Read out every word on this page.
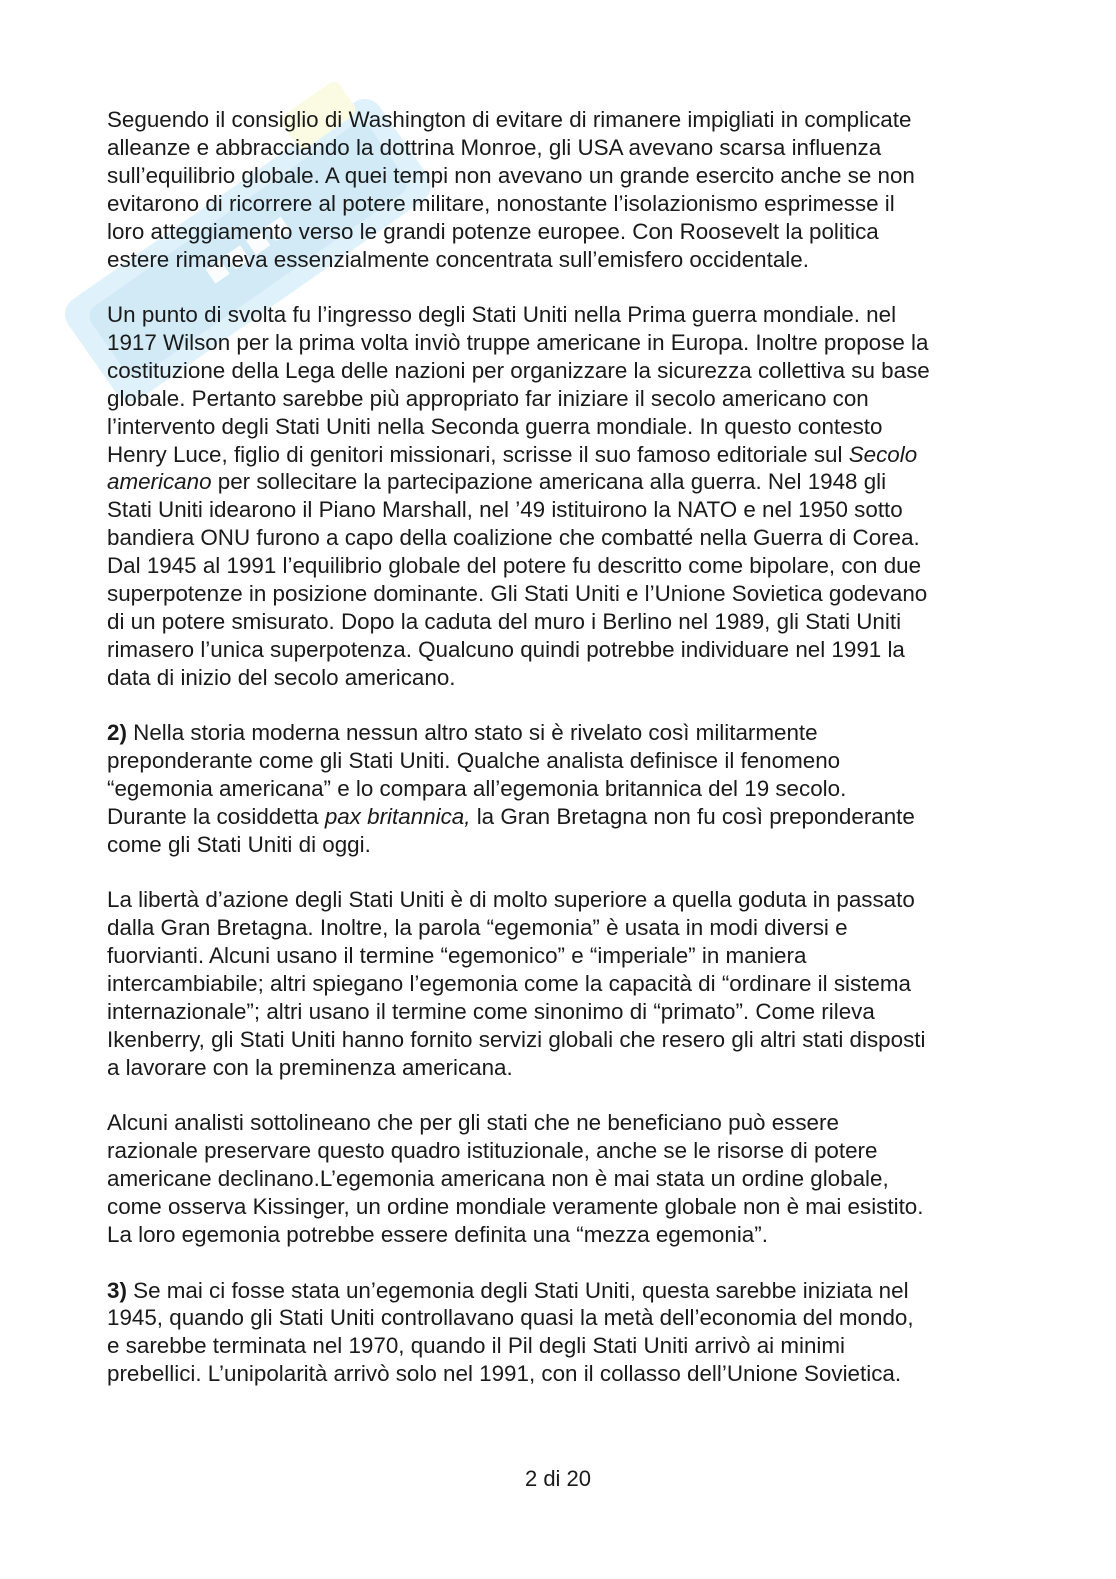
▪▪▪▪

Seguendo il consiglio di Washington di evitare di rimanere impigliati in complicate
alleanze e abbracciando la dottrina Monroe, gli USA avevano scarsa influenza
sull’equilibrio globale. A quei tempi non avevano un grande esercito anche se non
evitarono di ricorrere al potere militare, nonostante l’isolazionismo esprimesse il
loro atteggiamento verso le grandi potenze europee. Con Roosevelt la politica
estere rimaneva essenzialmente concentrata sull’emisfero occidentale.

Un punto di svolta fu l’ingresso degli Stati Uniti nella Prima guerra mondiale. nel
1917 Wilson per la prima volta inviò truppe americane in Europa. Inoltre propose la
costituzione della Lega delle nazioni per organizzare la sicurezza collettiva su base
globale. Pertanto sarebbe più appropriato far iniziare il secolo americano con
l’intervento degli Stati Uniti nella Seconda guerra mondiale. In questo contesto
Henry Luce, figlio di genitori missionari, scrisse il suo famoso editoriale sul Secolo
americano per sollecitare la partecipazione americana alla guerra. Nel 1948 gli
Stati Uniti idearono il Piano Marshall, nel ’49 istituirono la NATO e nel 1950 sotto
bandiera ONU furono a capo della coalizione che combatté nella Guerra di Corea.
Dal 1945 al 1991 l’equilibrio globale del potere fu descritto come bipolare, con due
superpotenze in posizione dominante. Gli Stati Uniti e l’Unione Sovietica godevano
di un potere smisurato. Dopo la caduta del muro i Berlino nel 1989, gli Stati Uniti
rimasero l’unica superpotenza. Qualcuno quindi potrebbe individuare nel 1991 la
data di inizio del secolo americano.

2) Nella storia moderna nessun altro stato si è rivelato così militarmente
preponderante come gli Stati Uniti. Qualche analista definisce il fenomeno
“egemonia americana” e lo compara all’egemonia britannica del 19 secolo.
Durante la cosiddetta pax britannica, la Gran Bretagna non fu così preponderante
come gli Stati Uniti di oggi.

La libertà d’azione degli Stati Uniti è di molto superiore a quella goduta in passato
dalla Gran Bretagna. Inoltre, la parola “egemonia” è usata in modi diversi e
fuorvianti. Alcuni usano il termine “egemonico” e “imperiale” in maniera
intercambiabile; altri spiegano l’egemonia come la capacità di “ordinare il sistema
internazionale”; altri usano il termine come sinonimo di “primato”. Come rileva
Ikenberry, gli Stati Uniti hanno fornito servizi globali che resero gli altri stati disposti
a lavorare con la preminenza americana.

Alcuni analisti sottolineano che per gli stati che ne beneficiano può essere
razionale preservare questo quadro istituzionale, anche se le risorse di potere
americane declinano.L’egemonia americana non è mai stata un ordine globale,
come osserva Kissinger, un ordine mondiale veramente globale non è mai esistito.
La loro egemonia potrebbe essere definita una “mezza egemonia”.

3) Se mai ci fosse stata un’egemonia degli Stati Uniti, questa sarebbe iniziata nel
1945, quando gli Stati Uniti controllavano quasi la metà dell’economia del mondo,
e sarebbe terminata nel 1970, quando il Pil degli Stati Uniti arrivò ai minimi
prebellici. L’unipolarità arrivò solo nel 1991, con il collasso dell’Unione Sovietica.

2 di 20
